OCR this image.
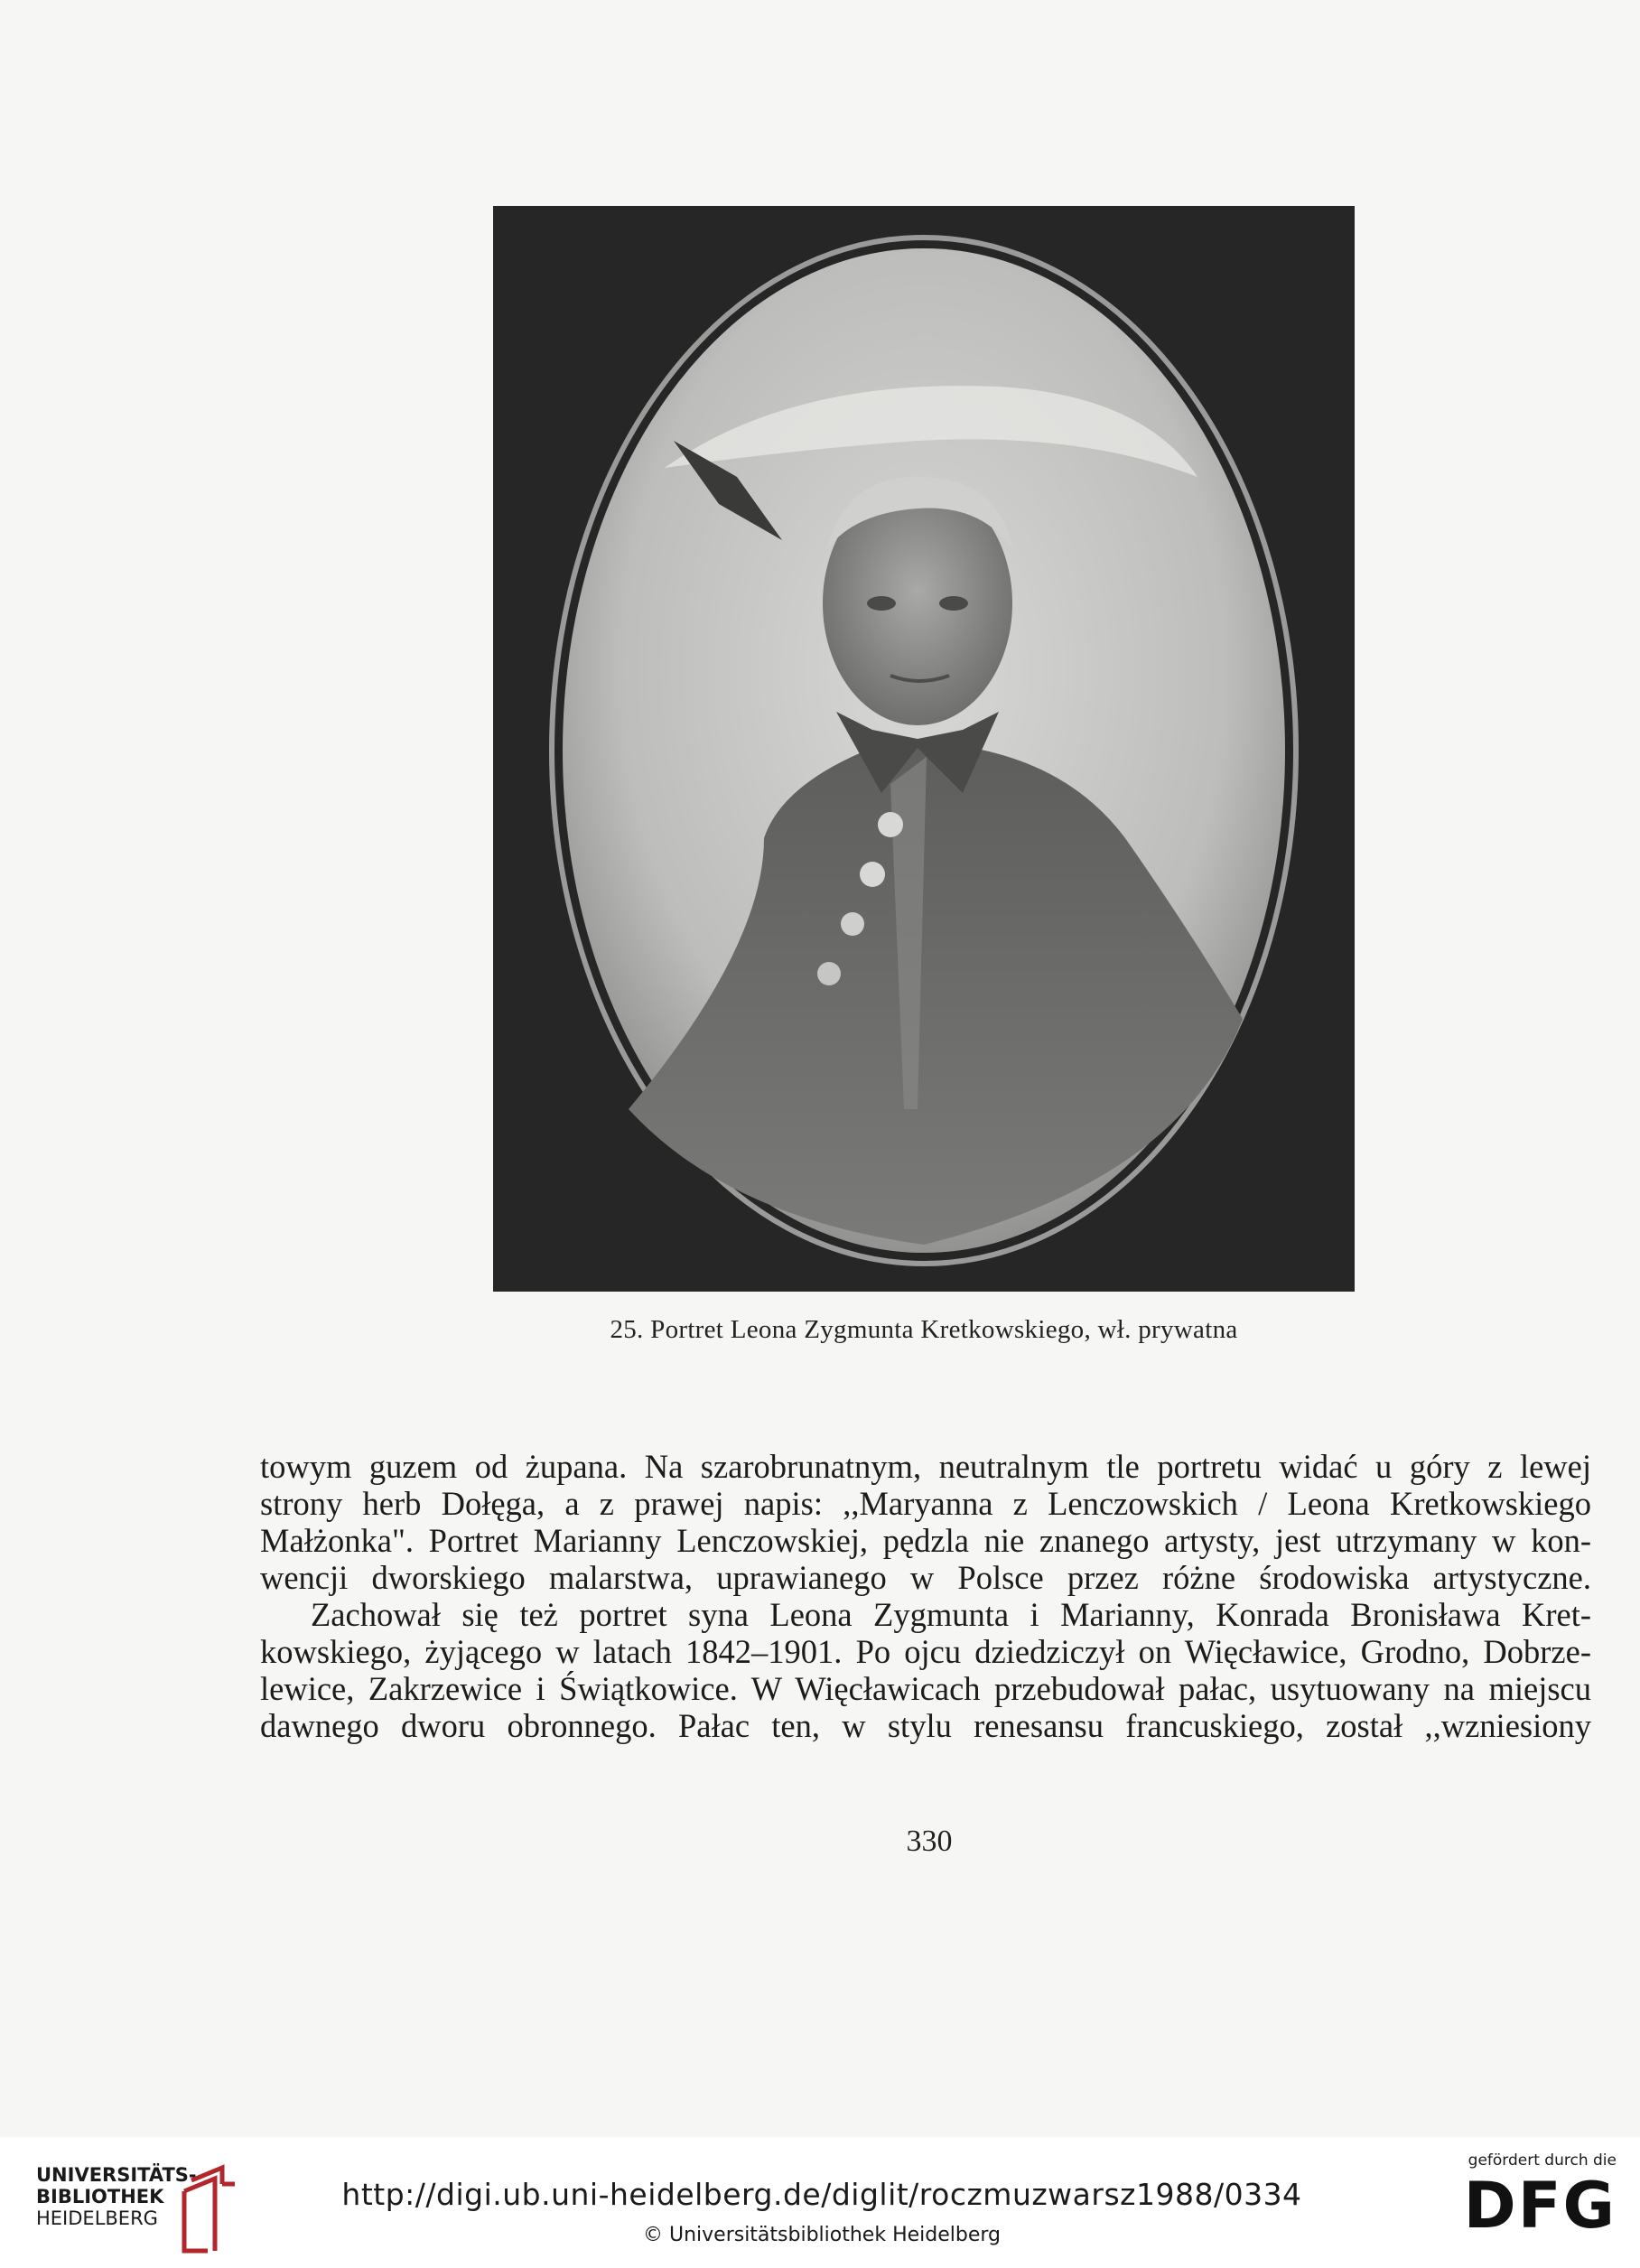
25. Portret Leona Zygmunta Kretkowskiego, wł. prywatna

towym guzem od żupana. Na szarobrunatnym, neutralnym tle portretu widać u góry z lewej
strony herb Dołęga, a z prawej napis: ,,Maryanna z Lenczowskich / Leona Kretkowskiego
Małżonka". Portret Marianny Lenczowskiej, pędzla nie znanego artysty, jest utrzymany w kon-
wencji dworskiego malarstwa, uprawianego w Polsce przez różne środowiska artystyczne.

Zachował się też portret syna Leona Zygmunta i Marianny, Konrada Bronisława Kret-
kowskiego, żyjącego w latach 1842–1901. Po ojcu dziedziczył on Więcławice, Grodno, Dobrze-
lewice, Zakrzewice i Świątkowice. W Więcławicach przebudował pałac, usytuowany na miejscu
dawnego dworu obronnego. Pałac ten, w stylu renesansu francuskiego, został ,,wzniesiony

330
UNIVERSITÄTS-
BIBLIOTHEK
HEIDELBERG
http://digi.ub.uni-heidelberg.de/diglit/roczmuzwarsz1988/0334
© Universitätsbibliothek Heidelberg
gefördert durch die
DFG
